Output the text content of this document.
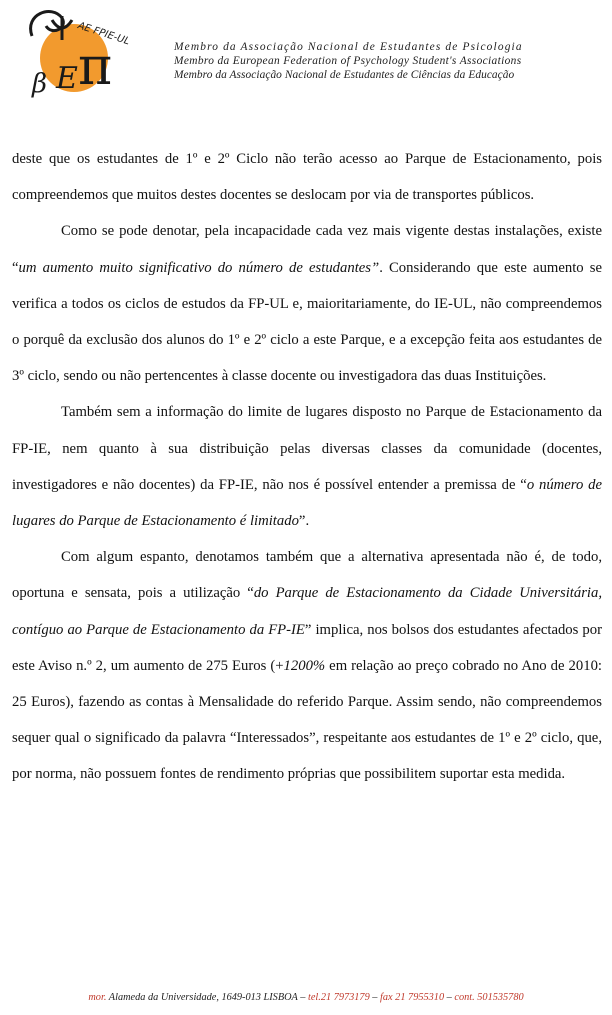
β E π
AE FPIE-UL	Membro da Associação Nacional de Estudantes de Psicologia
Membro da European Federation of Psychology Student's Associations
Membro da Associação Nacional de Estudantes de Ciências da Educação

deste que os estudantes de 1º e 2º Ciclo não terão acesso ao Parque de Estacionamento, pois compreendemos que muitos destes docentes se deslocam por via de transportes públicos.

Como se pode denotar, pela incapacidade cada vez mais vigente destas instalações, existe “um aumento muito significativo do número de estudantes”. Considerando que este aumento se verifica a todos os ciclos de estudos da FP-UL e, maioritariamente, do IE-UL, não compreendemos o porquê da exclusão dos alunos do 1º e 2º ciclo a este Parque, e a excepção feita aos estudantes de 3º ciclo, sendo ou não pertencentes à classe docente ou investigadora das duas Instituições.

Também sem a informação do limite de lugares disposto no Parque de Estacionamento da FP-IE, nem quanto à sua distribuição pelas diversas classes da comunidade (docentes, investigadores e não docentes) da FP-IE, não nos é possível entender a premissa de “o número de lugares do Parque de Estacionamento é limitado”.

Com algum espanto, denotamos também que a alternativa apresentada não é, de todo, oportuna e sensata, pois a utilização “do Parque de Estacionamento da Cidade Universitária, contíguo ao Parque de Estacionamento da FP-IE” implica, nos bolsos dos estudantes afectados por este Aviso n.º 2, um aumento de 275 Euros (+1200% em relação ao preço cobrado no Ano de 2010: 25 Euros), fazendo as contas à Mensalidade do referido Parque. Assim sendo, não compreendemos sequer qual o significado da palavra “Interessados”, respeitante aos estudantes de 1º e 2º ciclo, que, por norma, não possuem fontes de rendimento próprias que possibilitem suportar esta medida.

mor. Alameda da Universidade, 1649-013 LISBOA – tel.21 7973179 – fax 21 7955310 – cont. 501535780
